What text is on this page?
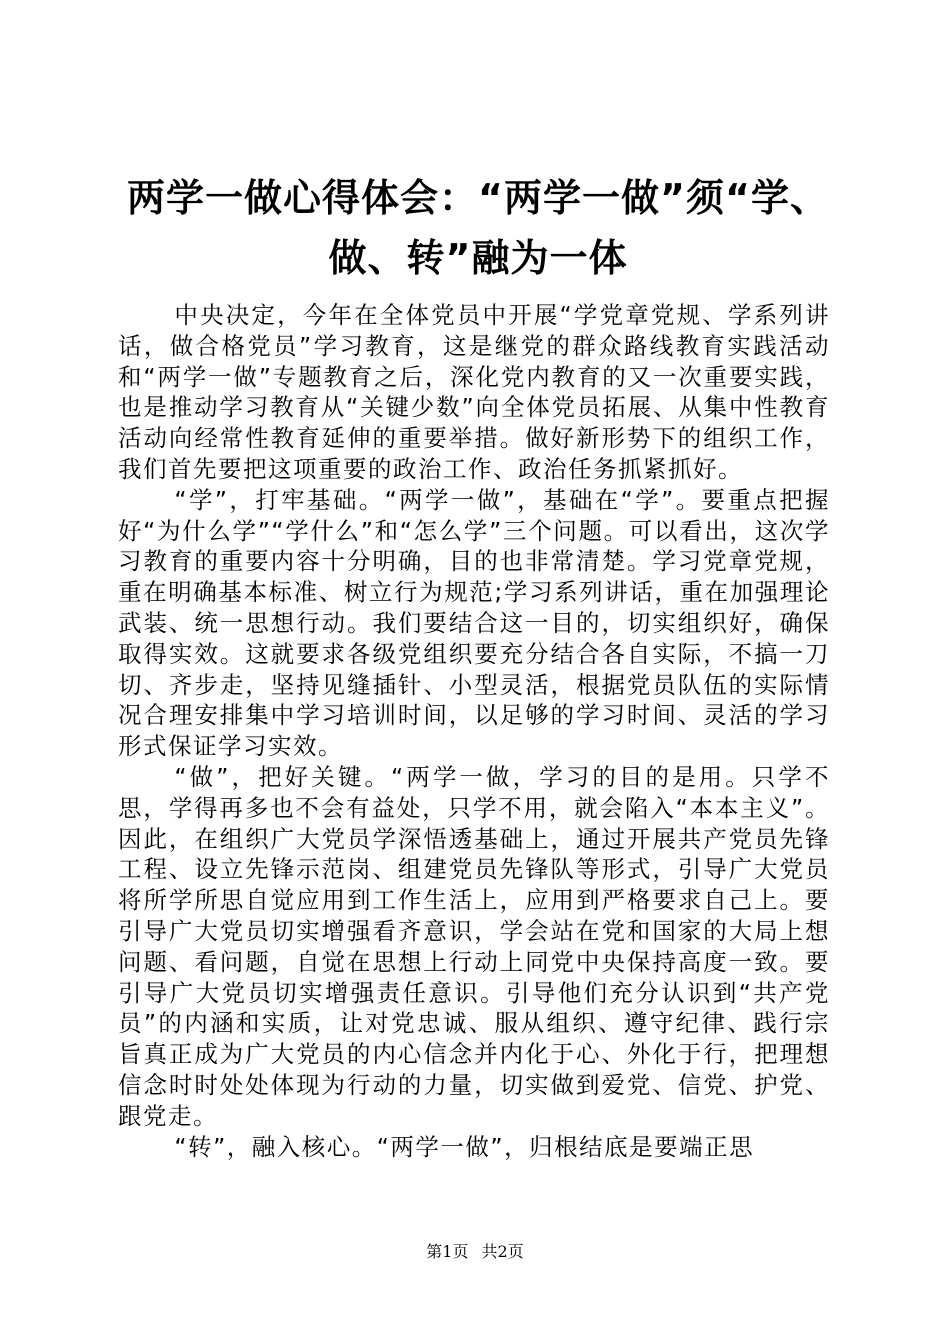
两学一做心得体会：“两学一做”须“学、做、转”融为一体

中央决定，今年在全体党员中开展“学党章党规、学系列讲话，做合格党员”学习教育，这是继党的群众路线教育实践活动和“两学一做”专题教育之后，深化党内教育的又一次重要实践，也是推动学习教育从“关键少数”向全体党员拓展、从集中性教育活动向经常性教育延伸的重要举措。做好新形势下的组织工作，我们首先要把这项重要的政治工作、政治任务抓紧抓好。

“学”，打牢基础。“两学一做”，基础在“学”。要重点把握好“为什么学”“学什么”和“怎么学”三个问题。可以看出，这次学习教育的重要内容十分明确，目的也非常清楚。学习党章党规，重在明确基本标准、树立行为规范;学习系列讲话，重在加强理论武装、统一思想行动。我们要结合这一目的，切实组织好，确保取得实效。这就要求各级党组织要充分结合各自实际，不搞一刀切、齐步走，坚持见缝插针、小型灵活，根据党员队伍的实际情况合理安排集中学习培训时间，以足够的学习时间、灵活的学习形式保证学习实效。

“做”，把好关键。“两学一做，学习的目的是用。只学不思，学得再多也不会有益处，只学不用，就会陷入“本本主义”。因此，在组织广大党员学深悟透基础上，通过开展共产党员先锋工程、设立先锋示范岗、组建党员先锋队等形式，引导广大党员将所学所思自觉应用到工作生活上，应用到严格要求自己上。要引导广大党员切实增强看齐意识，学会站在党和国家的大局上想问题、看问题，自觉在思想上行动上同党中央保持高度一致。要引导广大党员切实增强责任意识。引导他们充分认识到“共产党员”的内涵和实质，让对党忠诚、服从组织、遵守纪律、践行宗旨真正成为广大党员的内心信念并内化于心、外化于行，把理想信念时时处处体现为行动的力量，切实做到爱党、信党、护党、跟党走。

“转”，融入核心。“两学一做”，归根结底是要端正思

第1页 共2页
